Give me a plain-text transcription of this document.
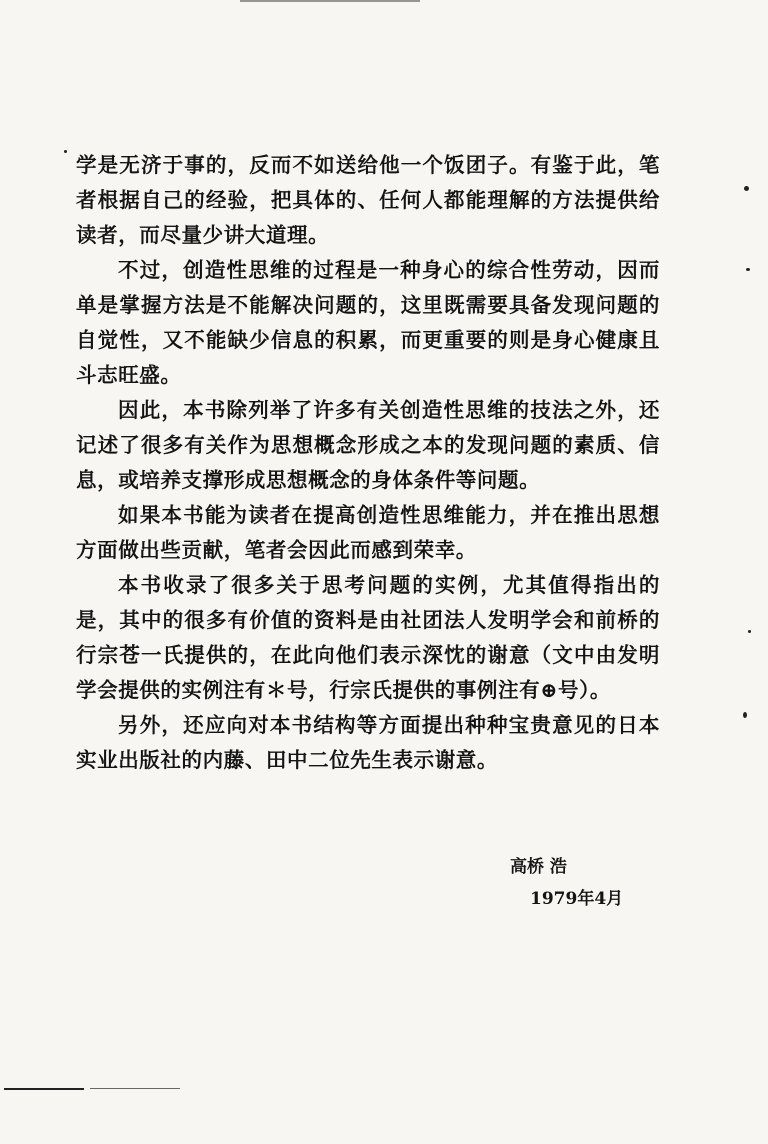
学是无济于事的，反而不如送给他一个饭团子。有鉴于此，笔者根据自己的经验，把具体的、任何人都能理解的方法提供给读者，而尽量少讲大道理。

不过，创造性思维的过程是一种身心的综合性劳动，因而单是掌握方法是不能解决问题的，这里既需要具备发现问题的自觉性，又不能缺少信息的积累，而更重要的则是身心健康且斗志旺盛。

因此，本书除列举了许多有关创造性思维的技法之外，还记述了很多有关作为思想概念形成之本的发现问题的素质、信息，或培养支撑形成思想概念的身体条件等问题。

如果本书能为读者在提高创造性思维能力，并在推出思想方面做出些贡献，笔者会因此而感到荣幸。

本书收录了很多关于思考问题的实例，尤其值得指出的是，其中的很多有价值的资料是由社团法人发明学会和前桥的行宗苍一氏提供的，在此向他们表示深忱的谢意（文中由发明学会提供的实例注有＊号，行宗氏提供的事例注有⊕号）。

另外，还应向对本书结构等方面提出种种宝贵意见的日本实业出版社的内藤、田中二位先生表示谢意。

高桥 浩
1979年4月
